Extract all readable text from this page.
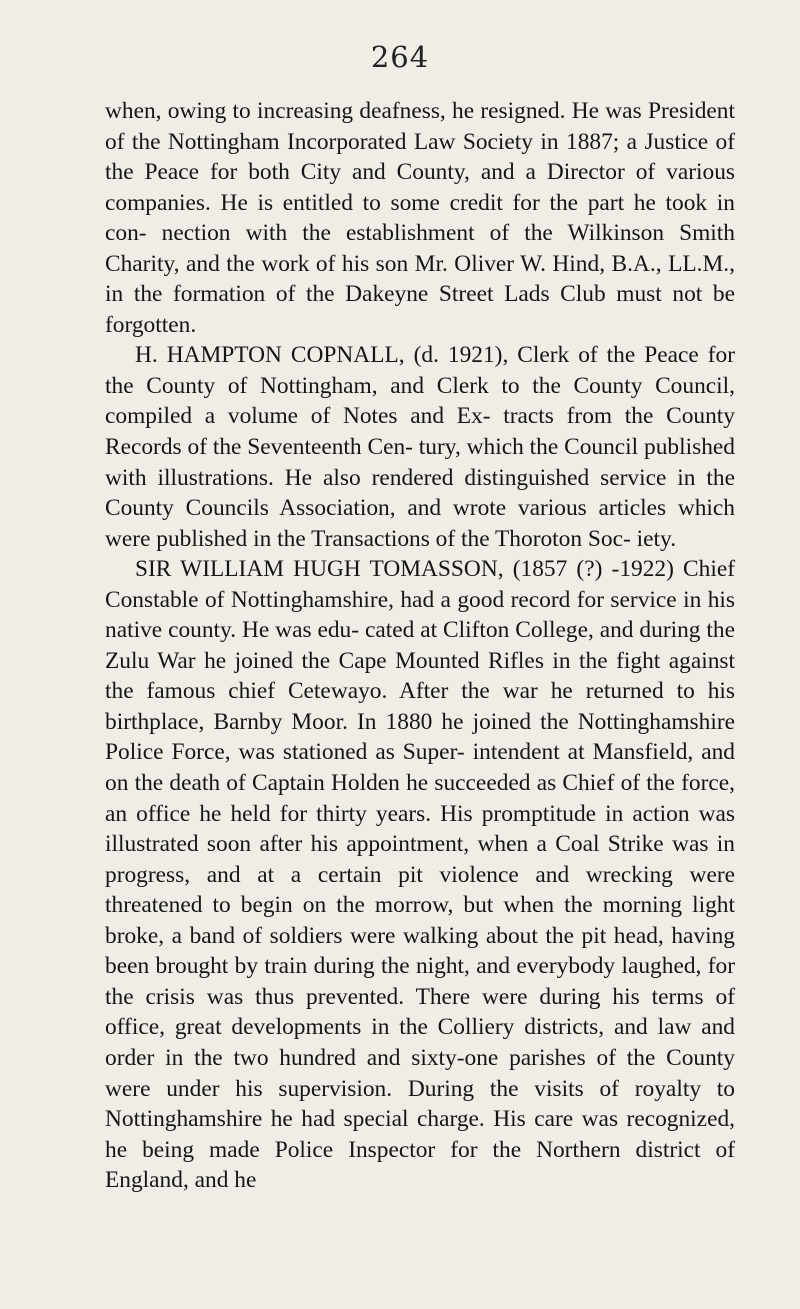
264

when, owing to increasing deafness, he resigned. He was President of the Nottingham Incorporated Law Society in 1887; a Justice of the Peace for both City and County, and a Director of various companies. He is entitled to some credit for the part he took in con- nection with the establishment of the Wilkinson Smith Charity, and the work of his son Mr. Oliver W. Hind, B.A., LL.M., in the formation of the Dakeyne Street Lads Club must not be forgotten.

H. HAMPTON COPNALL, (d. 1921), Clerk of the Peace for the County of Nottingham, and Clerk to the County Council, compiled a volume of Notes and Ex- tracts from the County Records of the Seventeenth Cen- tury, which the Council published with illustrations. He also rendered distinguished service in the County Councils Association, and wrote various articles which were published in the Transactions of the Thoroton Soc- iety.

SIR WILLIAM HUGH TOMASSON, (1857 (?) -1922) Chief Constable of Nottinghamshire, had a good record for service in his native county. He was edu- cated at Clifton College, and during the Zulu War he joined the Cape Mounted Rifles in the fight against the famous chief Cetewayo. After the war he returned to his birthplace, Barnby Moor. In 1880 he joined the Nottinghamshire Police Force, was stationed as Super- intendent at Mansfield, and on the death of Captain Holden he succeeded as Chief of the force, an office he held for thirty years. His promptitude in action was illustrated soon after his appointment, when a Coal Strike was in progress, and at a certain pit violence and wrecking were threatened to begin on the morrow, but when the morning light broke, a band of soldiers were walking about the pit head, having been brought by train during the night, and everybody laughed, for the crisis was thus prevented. There were during his terms of office, great developments in the Colliery districts, and law and order in the two hundred and sixty-one parishes of the County were under his supervision. During the visits of royalty to Nottinghamshire he had special charge. His care was recognized, he being made Police Inspector for the Northern district of England, and he
